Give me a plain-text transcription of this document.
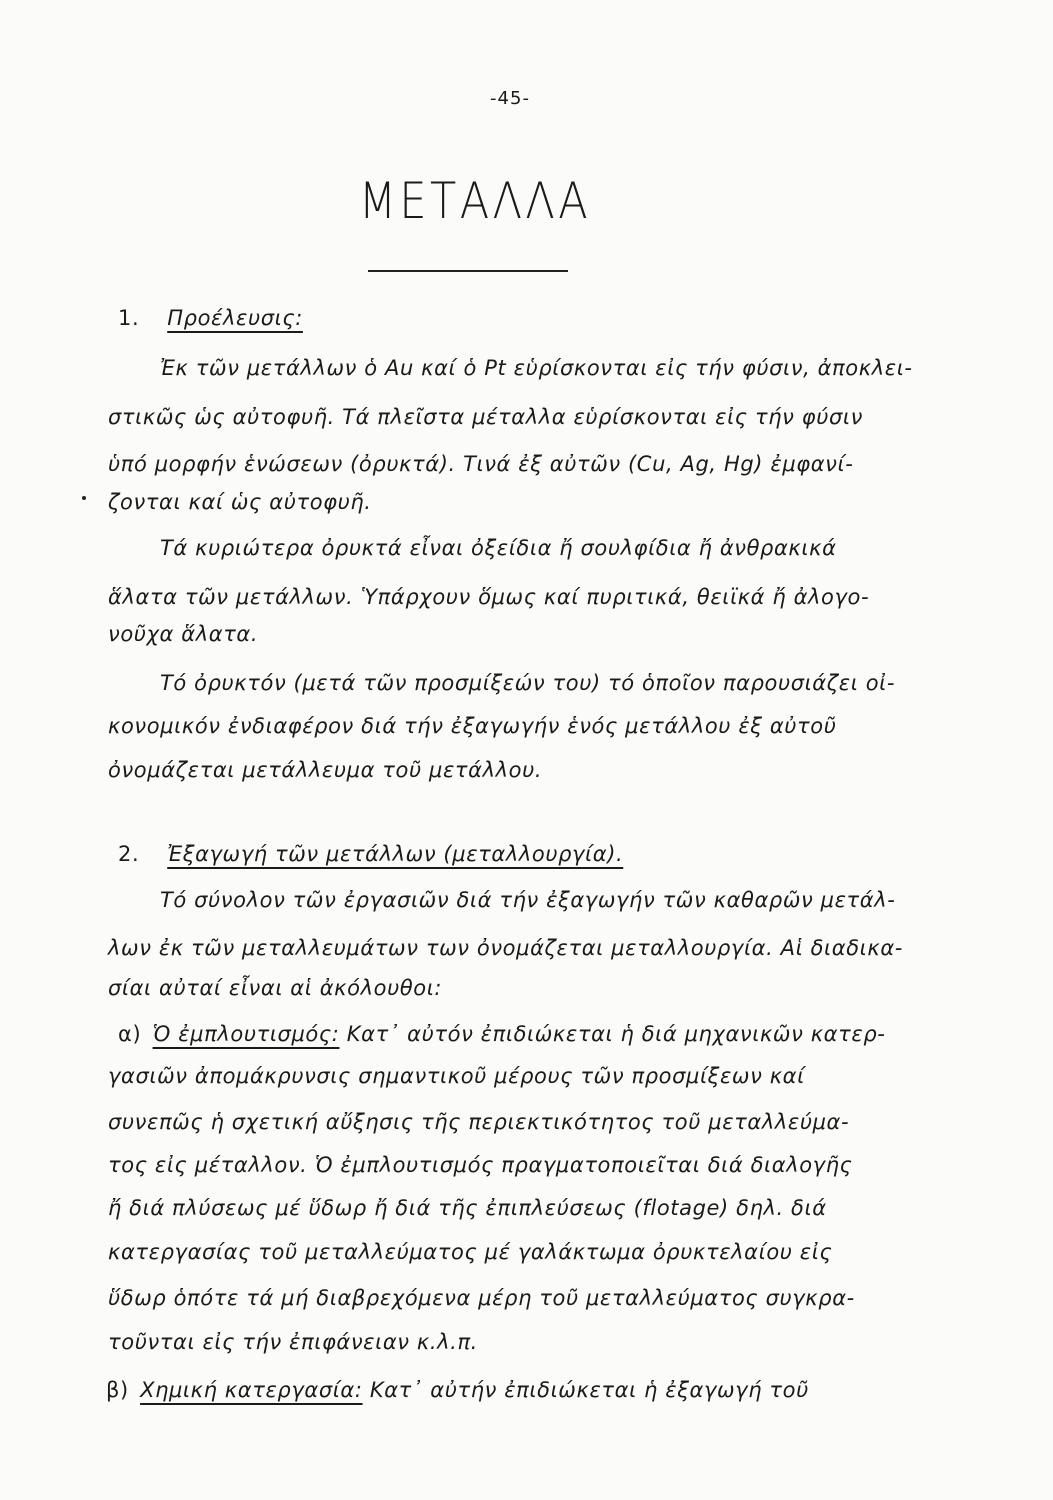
-45-
ΜΕΤΑΛΛΑ
1. Προέλευσις:
Ἐκ τῶν μετάλλων ὁ Au καί ὁ Pt εὑρίσκονται εἰς τήν φύσιν, ἀποκλει-
στικῶς ὡς αὐτοφυῆ. Τά πλεῖστα μέταλλα εὑρίσκονται εἰς τήν φύσιν
ὑπό μορφήν ἑνώσεων (ὀρυκτά). Τινά ἐξ αὐτῶν (Cu, Ag, Hg) ἐμφανί-
ζονται καί ὡς αὐτοφυῆ.
Τά κυριώτερα ὀρυκτά εἶναι ὀξείδια ἤ σουλφίδια ἤ ἀνθρακικά
ἅλατα τῶν μετάλλων. Ὑπάρχουν ὅμως καί πυριτικά, θειϊκά ἤ ἀλογο-
νοῦχα ἅλατα.
Τό ὀρυκτόν (μετά τῶν προσμίξεών του) τό ὁποῖον παρουσιάζει οἰ-
κονομικόν ἐνδιαφέρον διά τήν ἐξαγωγήν ἑνός μετάλλου ἐξ αὐτοῦ
ὀνομάζεται μετάλλευμα τοῦ μετάλλου.
2. Ἐξαγωγή τῶν μετάλλων (μεταλλουργία).
Τό σύνολον τῶν ἐργασιῶν διά τήν ἐξαγωγήν τῶν καθαρῶν μετάλ-
λων ἐκ τῶν μεταλλευμάτων των ὀνομάζεται μεταλλουργία. Αἱ διαδικα-
σίαι αὐταί εἶναι αἱ ἀκόλουθοι:
α) Ὁ ἐμπλουτισμός: Κατ᾽ αὐτόν ἐπιδιώκεται ἡ διά μηχανικῶν κατερ-
γασιῶν ἀπομάκρυνσις σημαντικοῦ μέρους τῶν προσμίξεων καί
συνεπῶς ἡ σχετική αὔξησις τῆς περιεκτικότητος τοῦ μεταλλεύμα-
τος εἰς μέταλλον. Ὁ ἐμπλουτισμός πραγματοποιεῖται διά διαλογῆς
ἤ διά πλύσεως μέ ὕδωρ ἤ διά τῆς ἐπιπλεύσεως (flotage) δηλ. διά
κατεργασίας τοῦ μεταλλεύματος μέ γαλάκτωμα ὀρυκτελαίου εἰς
ὕδωρ ὁπότε τά μή διαβρεχόμενα μέρη τοῦ μεταλλεύματος συγκρα-
τοῦνται εἰς τήν ἐπιφάνειαν κ.λ.π.
β) Χημική κατεργασία: Κατ᾽ αὐτήν ἐπιδιώκεται ἡ ἐξαγωγή τοῦ
